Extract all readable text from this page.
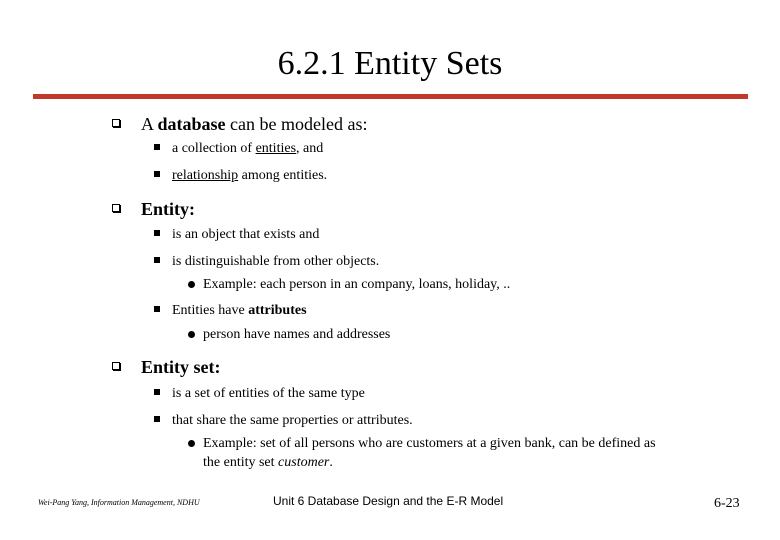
6.2.1 Entity Sets
A database can be modeled as:
a collection of entities, and
relationship among entities.
Entity:
is an object that exists and
is distinguishable from other objects.
Example: each person in an company, loans, holiday, ..
Entities have attributes
person have names and addresses
Entity set:
is a set of entities of the same type
that share the same properties or attributes.
Example: set of all persons who are customers at a given bank, can be defined as
the entity set customer.
Wei-Pang Yang, Information Management, NDHU	Unit 6 Database Design and the E-R Model	6-23
